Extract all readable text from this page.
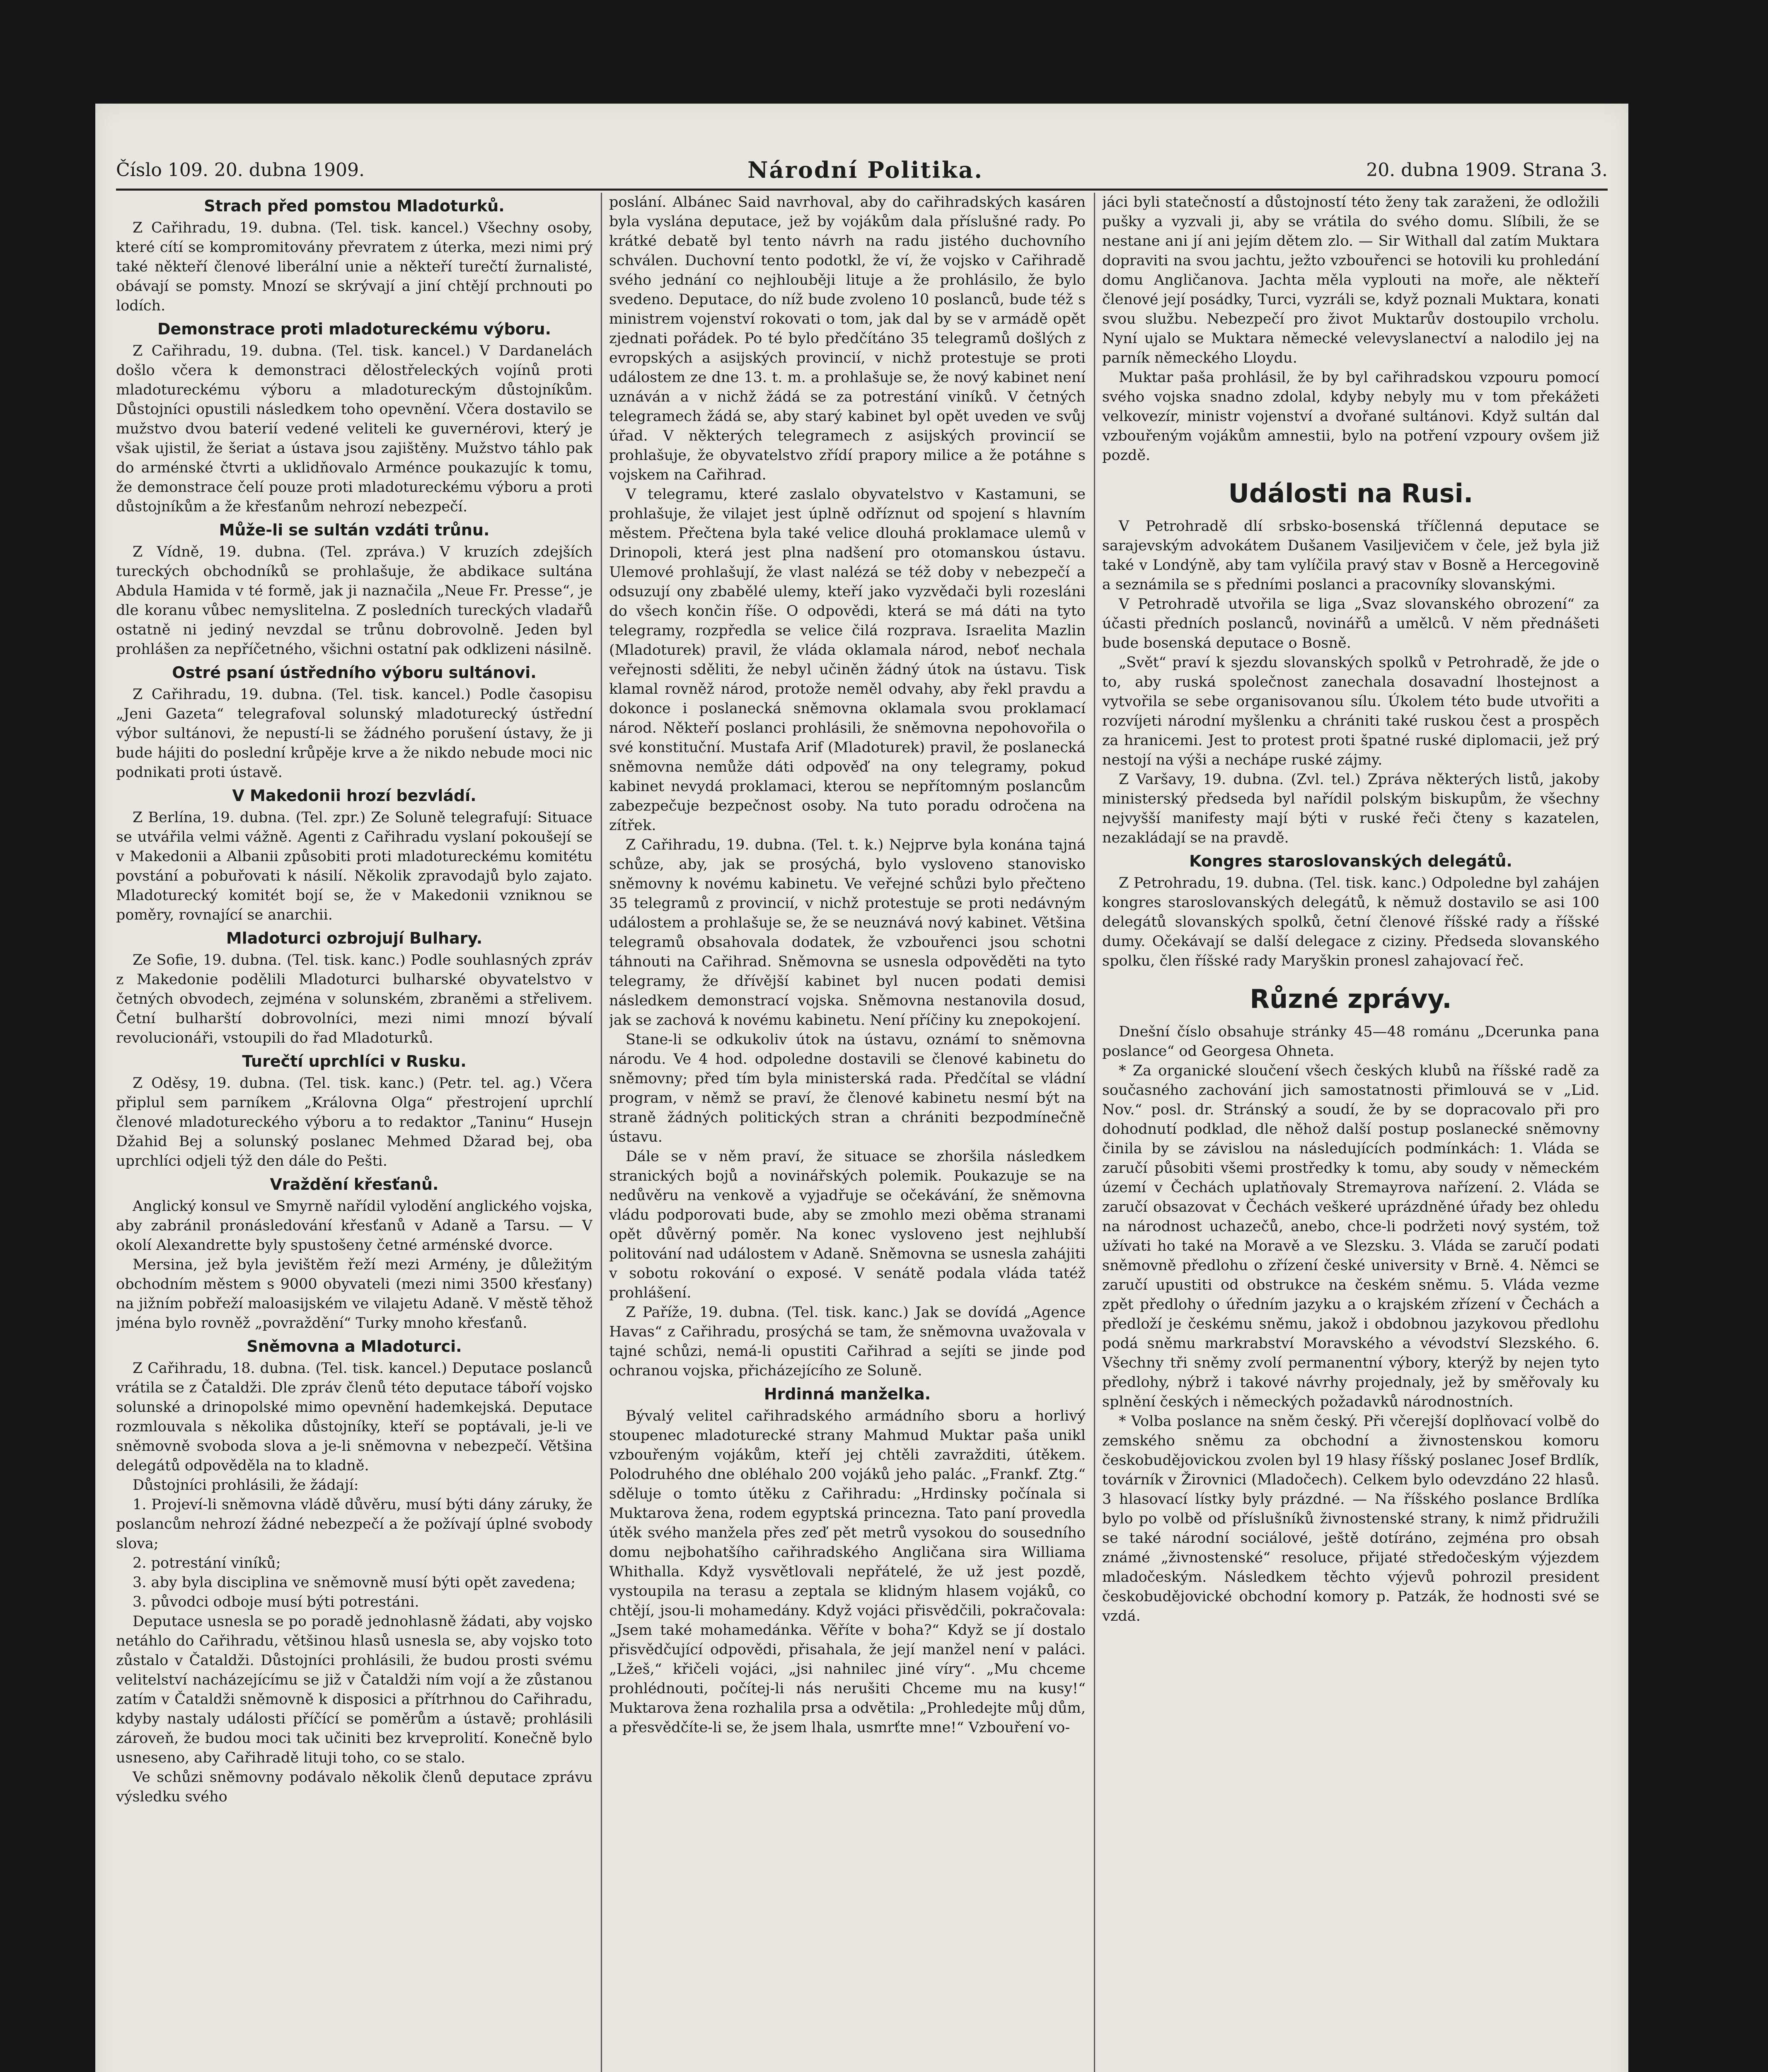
Číslo 109. 20. dubna 1909.	Národní Politika.	20. dubna 1909. Strana 3.
Strach před pomstou Mladoturků.

Z Cařihradu, 19. dubna. (Tel. tisk. kancel.) Všechny osoby, které cítí se kompromitovány převratem z úterka, mezi nimi prý také někteří členové liberální unie a někteří turečtí žurnalisté, obávají se pomsty. Mnozí se skrývají a jiní chtějí prchnouti po lodích.

Demonstrace proti mladotureckému výboru.

Z Cařihradu, 19. dubna. (Tel. tisk. kancel.) V Dardanelách došlo včera k demonstraci dělostřeleckých vojínů proti mladotureckému výboru a mladotureckým důstojníkům. Důstojníci opustili následkem toho opevnění. Včera dostavilo se mužstvo dvou baterií vedené veliteli ke guvernérovi, který je však ujistil, že šeriat a ústava jsou zajištěny. Mužstvo táhlo pak do arménské čtvrti a uklidňovalo Arménce poukazujíc k tomu, že demonstrace čelí pouze proti mladotureckému výboru a proti důstojníkům a že křesťanům nehrozí nebezpečí.

Může-li se sultán vzdáti trůnu.

Z Vídně, 19. dubna. (Tel. zpráva.) V kruzích zdejších tureckých obchodníků se prohlašuje, že abdikace sultána Abdula Hamida v té formě, jak ji naznačila „Neue Fr. Presse“, je dle koranu vůbec nemyslitelna. Z posledních tureckých vladařů ostatně ni jediný nevzdal se trůnu dobrovolně. Jeden byl prohlášen za nepříčetného, všichni ostatní pak odklizeni násilně.

Ostré psaní ústředního výboru sultánovi.

Z Cařihradu, 19. dubna. (Tel. tisk. kancel.) Podle časopisu „Jeni Gazeta“ telegrafoval solunský mladoturecký ústřední výbor sultánovi, že nepustí-li se žádného porušení ústavy, že ji bude hájiti do poslední krůpěje krve a že nikdo nebude moci nic podnikati proti ústavě.

V Makedonii hrozí bezvládí.

Z Berlína, 19. dubna. (Tel. zpr.) Ze Soluně telegrafují: Situace se utvářila velmi vážně. Agenti z Cařihradu vyslaní pokoušejí se v Makedonii a Albanii způsobiti proti mladotureckému komitétu povstání a pobuřovati k násilí. Několik zpravodajů bylo zajato. Mladoturecký komitét bojí se, že v Makedonii vzniknou se poměry, rovnající se anarchii.

Mladoturci ozbrojují Bulhary.

Ze Sofie, 19. dubna. (Tel. tisk. kanc.) Podle souhlasných zpráv z Makedonie podělili Mladoturci bulharské obyvatelstvo v četných obvodech, zejména v solunském, zbraněmi a střelivem. Četní bulharští dobrovolníci, mezi nimi mnozí bývalí revolucionáři, vstoupili do řad Mladoturků.

Turečtí uprchlíci v Rusku.

Z Oděsy, 19. dubna. (Tel. tisk. kanc.) (Petr. tel. ag.) Včera připlul sem parníkem „Královna Olga“ přestrojení uprchlí členové mladotureckého výboru a to redaktor „Taninu“ Husejn Džahid Bej a solunský poslanec Mehmed Džarad bej, oba uprchlíci odjeli týž den dále do Pešti.

Vraždění křesťanů.

Anglický konsul ve Smyrně nařídil vylodění anglického vojska, aby zabránil pronásledování křesťanů v Adaně a Tarsu. — V okolí Alexandrette byly spustošeny četné arménské dvorce.

Mersina, jež byla jevištěm řeží mezi Armény, je důležitým obchodním městem s 9000 obyvateli (mezi nimi 3500 křesťany) na jižním pobřeží maloasijském ve vilajetu Adaně. V městě těhož jména bylo rovněž „povraždění“ Turky mnoho křesťanů.

Sněmovna a Mladoturci.

Z Cařihradu, 18. dubna. (Tel. tisk. kancel.) Deputace poslanců vrátila se z Čataldži. Dle zpráv členů této deputace táboří vojsko solunské a drinopolské mimo opevnění hademkejská. Deputace rozmlouvala s několika důstojníky, kteří se poptávali, je-li ve sněmovně svoboda slova a je-li sněmovna v nebezpečí. Většina delegátů odpověděla na to kladně.

Důstojníci prohlásili, že žádají:

1. Projeví-li sněmovna vládě důvěru, musí býti dány záruky, že poslancům nehrozí žádné nebezpečí a že požívají úplné svobody slova;

2. potrestání viníků;

3. aby byla disciplina ve sněmovně musí býti opět zavedena;

3. původci odboje musí býti potrestáni.

Deputace usnesla se po poradě jednohlasně žádati, aby vojsko netáhlo do Cařihradu, většinou hlasů usnesla se, aby vojsko toto zůstalo v Čataldži. Důstojníci prohlásili, že budou prosti svému velitelství nacházejícímu se již v Čataldži ním vojí a že zůstanou zatím v Čataldži sněmovně k disposici a přítrhnou do Cařihradu, kdyby nastaly události příčící se poměrům a ústavě; prohlásili zároveň, že budou moci tak učiniti bez krveprolití. Konečně bylo usneseno, aby Cařihradě lituji toho, co se stalo.

Ve schůzi sněmovny podávalo několik členů deputace zprávu výsledku svého

poslání. Albánec Said navrhoval, aby do cařihradských kasáren byla vyslána deputace, jež by vojákům dala příslušné rady. Po krátké debatě byl tento návrh na radu jistého duchovního schválen. Duchovní tento podotkl, že ví, že vojsko v Cařihradě svého jednání co nejhlouběji lituje a že prohlásilo, že bylo svedeno. Deputace, do níž bude zvoleno 10 poslanců, bude též s ministrem vojenství rokovati o tom, jak dal by se v armádě opět zjednati pořádek. Po té bylo předčítáno 35 telegramů došlých z evropských a asijských provincií, v nichž protestuje se proti událostem ze dne 13. t. m. a prohlašuje se, že nový kabinet není uznáván a v nichž žádá se za potrestání viníků. V četných telegramech žádá se, aby starý kabinet byl opět uveden ve svůj úřad. V některých telegramech z asijských provincií se prohlašuje, že obyvatelstvo zřídí prapory milice a že potáhne s vojskem na Cařihrad.

V telegramu, které zaslalo obyvatelstvo v Kastamuni, se prohlašuje, že vilajet jest úplně odříznut od spojení s hlavním městem. Přečtena byla také velice dlouhá proklamace ulemů v Drinopoli, která jest plna nadšení pro otomanskou ústavu. Ulemové prohlašují, že vlast nalézá se též doby v nebezpečí a odsuzují ony zbabělé ulemy, kteří jako vyzvědači byli rozesláni do všech končin říše. O odpovědi, která se má dáti na tyto telegramy, rozpředla se velice čilá rozprava. Israelita Mazlin (Mladoturek) pravil, že vláda oklamala národ, neboť nechala veřejnosti sděliti, že nebyl učiněn žádný útok na ústavu. Tisk klamal rovněž národ, protože neměl odvahy, aby řekl pravdu a dokonce i poslanecká sněmovna oklamala svou proklamací národ. Někteří poslanci prohlásili, že sněmovna nepohovořila o své konstituční. Mustafa Arif (Mladoturek) pravil, že poslanecká sněmovna nemůže dáti odpověď na ony telegramy, pokud kabinet nevydá proklamaci, kterou se nepřítomným poslancům zabezpečuje bezpečnost osoby. Na tuto poradu odročena na zítřek.

Z Cařihradu, 19. dubna. (Tel. t. k.) Nejprve byla konána tajná schůze, aby, jak se prosýchá, bylo vysloveno stanovisko sněmovny k novému kabinetu. Ve veřejné schůzi bylo přečteno 35 telegramů z provincií, v nichž protestuje se proti nedávným událostem a prohlašuje se, že se neuznává nový kabinet. Většina telegramů obsahovala dodatek, že vzbouřenci jsou schotni táhnouti na Cařihrad. Sněmovna se usnesla odpověděti na tyto telegramy, že dřívější kabinet byl nucen podati demisi následkem demonstrací vojska. Sněmovna nestanovila dosud, jak se zachová k novému kabinetu. Není příčiny ku znepokojení.

Stane-li se odkukoliv útok na ústavu, oznámí to sněmovna národu. Ve 4 hod. odpoledne dostavili se členové kabinetu do sněmovny; před tím byla ministerská rada. Předčítal se vládní program, v němž se praví, že členové kabinetu nesmí být na straně žádných politických stran a chrániti bezpodmínečně ústavu.

Dále se v něm praví, že situace se zhoršila následkem stranických bojů a novinářských polemik. Poukazuje se na nedůvěru na venkově a vyjadřuje se očekávání, že sněmovna vládu podporovati bude, aby se zmohlo mezi oběma stranami opět důvěrný poměr. Na konec vysloveno jest nejhlubší politování nad událostem v Adaně. Sněmovna se usnesla zahájiti v sobotu rokování o exposé. V senátě podala vláda tatéž prohlášení.

Z Paříže, 19. dubna. (Tel. tisk. kanc.) Jak se dovídá „Agence Havas“ z Cařihradu, prosýchá se tam, že sněmovna uvažovala v tajné schůzi, nemá-li opustiti Cařihrad a sejíti se jinde pod ochranou vojska, přicházejícího ze Soluně.

Hrdinná manželka.

Bývalý velitel cařihradského armádního sboru a horlivý stoupenec mladoturecké strany Mahmud Muktar paša unikl vzbouřeným vojákům, kteří jej chtěli zavražditi, útěkem. Polodruhého dne obléhalo 200 vojáků jeho palác. „Frankf. Ztg.“ sděluje o tomto útěku z Cařihradu: „Hrdinsky počínala si Muktarova žena, rodem egyptská princezna. Tato paní provedla útěk svého manžela přes zeď pět metrů vysokou do sousedního domu nejbohatšího cařihradského Angličana sira Williama Whithalla. Když vysvětlovali nepřátelé, že už jest pozdě, vystoupila na terasu a zeptala se klidným hlasem vojáků, co chtějí, jsou-li mohamedány. Když vojáci přisvědčili, pokračovala: „Jsem také mohamedánka. Věříte v boha?“ Když se jí dostalo přisvědčující odpovědi, přisahala, že její manžel není v paláci. „Lžeš,“ křičeli vojáci, „jsi nahnilec jiné víry“. „Mu chceme prohlédnouti, počítej-li nás nerušiti Chceme mu na kusy!“ Muktarova žena rozhalila prsa a odvětila: „Prohledejte můj dům, a přesvědčíte-li se, že jsem lhala, usmrťte mne!“ Vzbouření vo-

jáci byli statečností a důstojností této ženy tak zaraženi, že odložili pušky a vyzvali ji, aby se vrátila do svého domu. Slíbili, že se nestane ani jí ani jejím dětem zlo. — Sir Withall dal zatím Muktara dopraviti na svou jachtu, ježto vzbouřenci se hotovili ku prohledání domu Angličanova. Jachta měla vyplouti na moře, ale někteří členové její posádky, Turci, vyzráli se, když poznali Muktara, konati svou službu. Nebezpečí pro život Muktarův dostoupilo vrcholu. Nyní ujalo se Muktara německé velevyslanectví a nalodilo jej na parník německého Lloydu.

Muktar paša prohlásil, že by byl cařihradskou vzpouru pomocí svého vojska snadno zdolal, kdyby nebyly mu v tom překážeti velkovezír, ministr vojenství a dvořané sultánovi. Když sultán dal vzbouřeným vojákům amnestii, bylo na potření vzpoury ovšem již pozdě.

Události na Rusi.

V Petrohradě dlí srbsko-bosenská tříčlenná deputace se sarajevským advokátem Dušanem Vasiljevičem v čele, jež byla již také v Londýně, aby tam vylíčila pravý stav v Bosně a Hercegovině a seznámila se s předními poslanci a pracovníky slovanskými.

V Petrohradě utvořila se liga „Svaz slovanského obrození“ za účasti předních poslanců, novinářů a umělců. V něm přednášeti bude bosenská deputace o Bosně.

„Svět“ praví k sjezdu slovanských spolků v Petrohradě, že jde o to, aby ruská společnost zanechala dosavadní lhostejnost a vytvořila se sebe organisovanou sílu. Úkolem této bude utvořiti a rozvíjeti národní myšlenku a chrániti také ruskou čest a prospěch za hranicemi. Jest to protest proti špatné ruské diplomacii, jež prý nestojí na výši a nechápe ruské zájmy.

Z Varšavy, 19. dubna. (Zvl. tel.) Zpráva některých listů, jakoby ministerský předseda byl nařídil polským biskupům, že všechny nejvyšší manifesty mají býti v ruské řeči čteny s kazatelen, nezakládají se na pravdě.

Kongres staroslovanských delegátů.

Z Petrohradu, 19. dubna. (Tel. tisk. kanc.) Odpoledne byl zahájen kongres staroslovanských delegátů, k němuž dostavilo se asi 100 delegátů slovanských spolků, četní členové říšské rady a říšské dumy. Očekávají se další delegace z ciziny. Předseda slovanského spolku, člen říšské rady Maryškin pronesl zahajovací řeč.

Různé zprávy.

Dnešní číslo obsahuje stránky 45—48 románu „Dcerunka pana poslance“ od Georgesa Ohneta.

* Za organické sloučení všech českých klubů na říšské radě za současného zachování jich samostatnosti přimlouvá se v „Lid. Nov.“ posl. dr. Stránský a soudí, že by se dopracovalo při pro dohodnutí podklad, dle něhož další postup poslanecké sněmovny činila by se závislou na následujících podmínkách: 1. Vláda se zaručí působiti všemi prostředky k tomu, aby soudy v německém území v Čechách uplatňovaly Stremayrova nařízení. 2. Vláda se zaručí obsazovat v Čechách veškeré uprázdněné úřady bez ohledu na národnost uchazečů, anebo, chce-li podržeti nový systém, tož užívati ho také na Moravě a ve Slezsku. 3. Vláda se zaručí podati sněmovně předlohu o zřízení české university v Brně. 4. Němci se zaručí upustiti od obstrukce na českém sněmu. 5. Vláda vezme zpět předlohy o úředním jazyku a o krajském zřízení v Čechách a předloží je českému sněmu, jakož i obdobnou jazykovou předlohu podá sněmu markrabství Moravského a vévodství Slezského. 6. Všechny tři sněmy zvolí permanentní výbory, kterýž by nejen tyto předlohy, nýbrž i takové návrhy projednaly, jež by směřovaly ku splnění českých i německých požadavků národnostních.

* Volba poslance na sněm český. Při včerejší doplňovací volbě do zemského sněmu za obchodní a živnostenskou komoru českobudějovickou zvolen byl 19 hlasy říšský poslanec Josef Brdlík, továrník v Žirovnici (Mladočech). Celkem bylo odevzdáno 22 hlasů. 3 hlasovací lístky byly prázdné. — Na říšského poslance Brdlíka bylo po volbě od příslušníků živnostenské strany, k nimž přidružili se také národní sociálové, ještě dotíráno, zejména pro obsah známé „živnostenské“ resoluce, přijaté středočeským výjezdem mladočeským. Následkem těchto výjevů pohrozil president českobudějovické obchodní komory p. Patzák, že hodnosti své se vzdá.
